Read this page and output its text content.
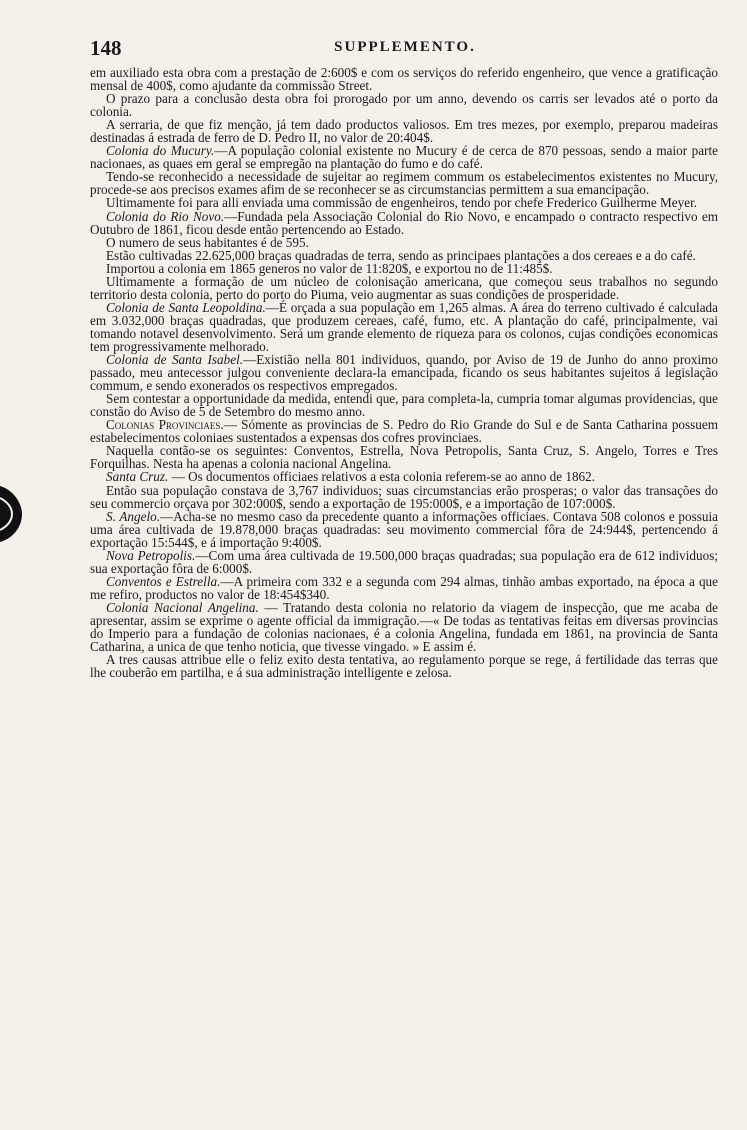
148	SUPPLEMENTO.

em auxiliado esta obra com a prestação de 2:600$ e com os serviços do referido engenheiro, que vence a gratificação mensal de 400$, como ajudante da commissão Street.

O prazo para a conclusão desta obra foi prorogado por um anno, devendo os carris ser levados até o porto da colonia.

A serraria, de que fiz menção, já tem dado productos valiosos. Em tres mezes, por exemplo, preparou madeiras destinadas á estrada de ferro de D. Pedro II, no valor de 20:404$.

Colonia do Mucury.—A população colonial existente no Mucury é de cerca de 870 pessoas, sendo a maior parte nacionaes, as quaes em geral se empregão na plantação do fumo e do café.

Tendo-se reconhecido a necessidade de sujeitar ao regimem commum os estabelecimentos existentes no Mucury, procede-se aos precisos exames afim de se reconhecer se as circumstancias permittem a sua emancipação.

Ultimamente foi para alli enviada uma commissão de engenheiros, tendo por chefe Frederico Guilherme Meyer.

Colonia do Rio Novo.—Fundada pela Associação Colonial do Rio Novo, e encampado o contracto respectivo em Outubro de 1861, ficou desde então pertencendo ao Estado.

O numero de seus habitantes é de 595.

Estão cultivadas 22.625,000 braças quadradas de terra, sendo as principaes plantações a dos cereaes e a do café.

Importou a colonia em 1865 generos no valor de 11:820$, e exportou no de 11:485$.

Ultimamente a formação de um núcleo de colonisação americana, que começou seus trabalhos no segundo territorio desta colonia, perto do porto do Piuma, veio augmentar as suas condições de prosperidade.

Colonia de Santa Leopoldina.—É orçada a sua população em 1,265 almas. A área do terreno cultivado é calculada em 3.032,000 braças quadradas, que produzem cereaes, café, fumo, etc. A plantação do café, principalmente, vai tomando notavel desenvolvimento. Será um grande elemento de riqueza para os colonos, cujas condições economicas tem progressivamente melhorado.

Colonia de Santa Isabel.—Existião nella 801 individuos, quando, por Aviso de 19 de Junho do anno proximo passado, meu antecessor julgou conveniente declara-la emancipada, ficando os seus habitantes sujeitos á legislação commum, e sendo exonerados os respectivos empregados.

Sem contestar a opportunidade da medida, entendi que, para completa-la, cumpria tomar algumas providencias, que constão do Aviso de 5 de Setembro do mesmo anno.

Colonias Provinciaes.— Sómente as provincias de S. Pedro do Rio Grande do Sul e de Santa Catharina possuem estabelecimentos coloniaes sustentados a expensas dos cofres provinciaes.

Naquella contão-se os seguintes: Conventos, Estrella, Nova Petropolis, Santa Cruz, S. Angelo, Torres e Tres Forquilhas. Nesta ha apenas a colonia nacional Angelina.

Santa Cruz. — Os documentos officiaes relativos a esta colonia referem-se ao anno de 1862.

Então sua população constava de 3,767 individuos; suas circumstancias erão prosperas; o valor das transações do seu commercio orçava por 302:000$, sendo a exportação de 195:000$, e a importação de 107:000$.

S. Angelo.—Acha-se no mesmo caso da precedente quanto a informações officiaes. Contava 508 colonos e possuia uma área cultivada de 19.878,000 braças quadradas: seu movimento commercial fôra de 24:944$, pertencendo á exportação 15:544$, e á importação 9:400$.

Nova Petropolis.—Com uma área cultivada de 19.500,000 braças quadradas; sua população era de 612 individuos; sua exportação fôra de 6:000$.

Conventos e Estrella.—A primeira com 332 e a segunda com 294 almas, tinhão ambas exportado, na época a que me refiro, productos no valor de 18:454$340.

Colonia Nacional Angelina. — Tratando desta colonia no relatorio da viagem de inspecção, que me acaba de apresentar, assim se exprime o agente official da immigração.—« De todas as tentativas feitas em diversas provincias do Imperio para a fundação de colonias nacionaes, é a colonia Angelina, fundada em 1861, na provincia de Santa Catharina, a unica de que tenho noticia, que tivesse vingado. » E assim é.

A tres causas attribue elle o feliz exito desta tentativa, ao regulamento porque se rege, á fertilidade das terras que lhe couberão em partilha, e á sua administração intelligente e zelosa.
